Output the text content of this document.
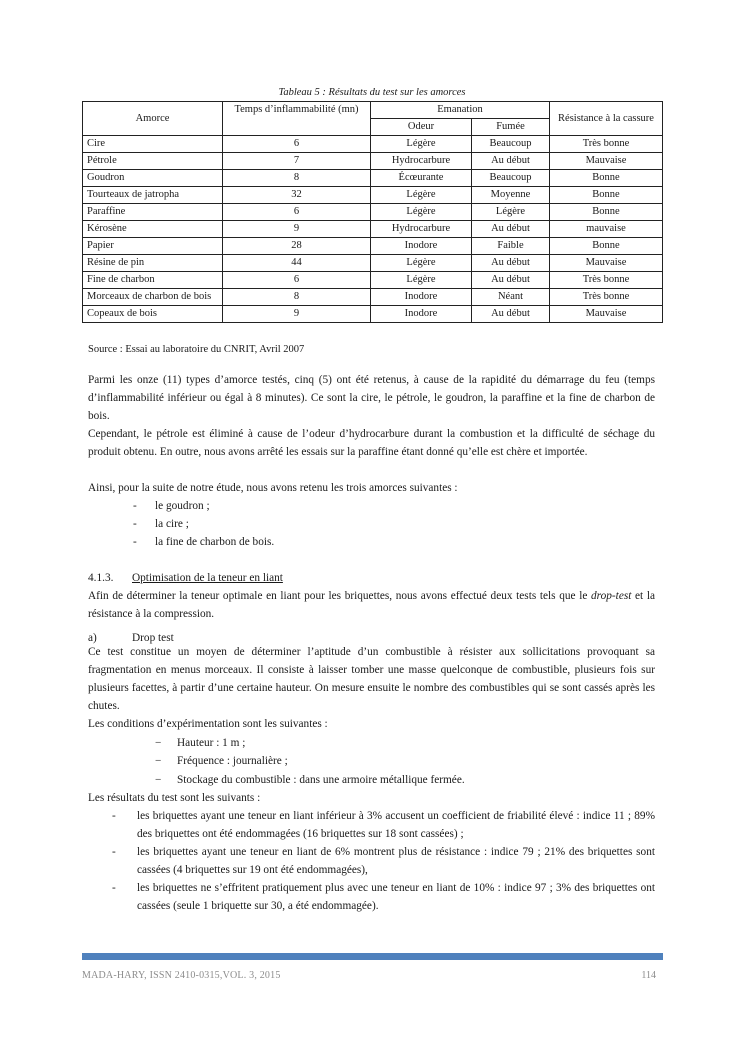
Tableau 5 : Résultats du test sur les amorces
Amorce	Temps d’inflammabilité (mn)	Emanation		Résistance à la cassure
		Odeur	Fumée	
Cire	6	Légère	Beaucoup	Très bonne
Pétrole	7	Hydrocarbure	Au début	Mauvaise
Goudron	8	Écœurante	Beaucoup	Bonne
Tourteaux de jatropha	32	Légère	Moyenne	Bonne
Paraffine	6	Légère	Légère	Bonne
Kérosène	9	Hydrocarbure	Au début	mauvaise
Papier	28	Inodore	Faible	Bonne
Résine de pin	44	Légère	Au début	Mauvaise
Fine de charbon	6	Légère	Au début	Très bonne
Morceaux de charbon de bois	8	Inodore	Néant	Très bonne
Copeaux de bois	9	Inodore	Au début	Mauvaise
Source : Essai au laboratoire du CNRIT, Avril 2007

Parmi les onze (11) types d’amorce testés, cinq (5) ont été retenus, à cause de la rapidité du démarrage du feu (temps d’inflammabilité inférieur ou égal à 8 minutes). Ce sont la cire, le pétrole, le goudron, la paraffine et la fine de charbon de bois.

Cependant, le pétrole est éliminé à cause de l’odeur d’hydrocarbure durant la combustion et la difficulté de séchage du produit obtenu. En outre, nous avons arrêté les essais sur la paraffine étant donné qu’elle est chère et importée.

Ainsi, pour la suite de notre étude, nous avons retenu les trois amorces suivantes :

- le goudron ;
- la cire ;
- la fine de charbon de bois.
4.1.3. Optimisation de la teneur en liant

Afin de déterminer la teneur optimale en liant pour les briquettes, nous avons effectué deux tests tels que le drop-test et la résistance à la compression.

a)	Drop test

Ce test constitue un moyen de déterminer l’aptitude d’un combustible à résister aux sollicitations provoquant sa fragmentation en menus morceaux. Il consiste à laisser tomber une masse quelconque de combustible, plusieurs fois sur plusieurs facettes, à partir d’une certaine hauteur. On mesure ensuite le nombre des combustibles qui se sont cassés après les chutes.

Les conditions d’expérimentation sont les suivantes :

− Hauteur : 1 m ;
− Fréquence : journalière ;
− Stockage du combustible : dans une armoire métallique fermée.

Les résultats du test sont les suivants :

- les briquettes ayant une teneur en liant inférieur à 3% accusent un coefficient de friabilité élevé : indice 11 ; 89% des briquettes ont été endommagées (16 briquettes sur 18 sont cassées) ;
- les briquettes ayant une teneur en liant de 6% montrent plus de résistance : indice 79 ; 21% des briquettes sont cassées (4 briquettes sur 19 ont été endommagées),
- les briquettes ne s’effritent pratiquement plus avec une teneur en liant de 10% : indice 97 ; 3% des briquettes ont cassées (seule 1 briquette sur 30, a été endommagée).
MADA-HARY, ISSN 2410-0315,VOL. 3, 2015	114
